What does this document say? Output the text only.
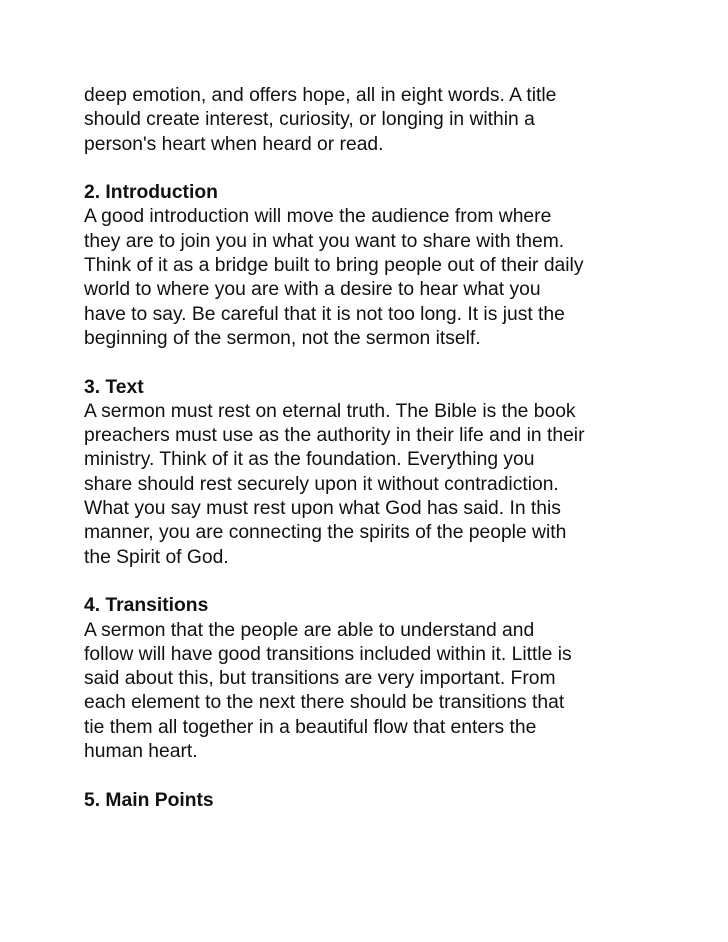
deep emotion, and offers hope, all in eight words. A title
should create interest, curiosity, or longing in within a
person's heart when heard or read.
2. Introduction
A good introduction will move the audience from where
they are to join you in what you want to share with them.
Think of it as a bridge built to bring people out of their daily
world to where you are with a desire to hear what you
have to say. Be careful that it is not too long. It is just the
beginning of the sermon, not the sermon itself.
3. Text
A sermon must rest on eternal truth. The Bible is the book
preachers must use as the authority in their life and in their
ministry. Think of it as the foundation. Everything you
share should rest securely upon it without contradiction.
What you say must rest upon what God has said. In this
manner, you are connecting the spirits of the people with
the Spirit of God.
4. Transitions
A sermon that the people are able to understand and
follow will have good transitions included within it. Little is
said about this, but transitions are very important. From
each element to the next there should be transitions that
tie them all together in a beautiful flow that enters the
human heart.
5. Main Points
